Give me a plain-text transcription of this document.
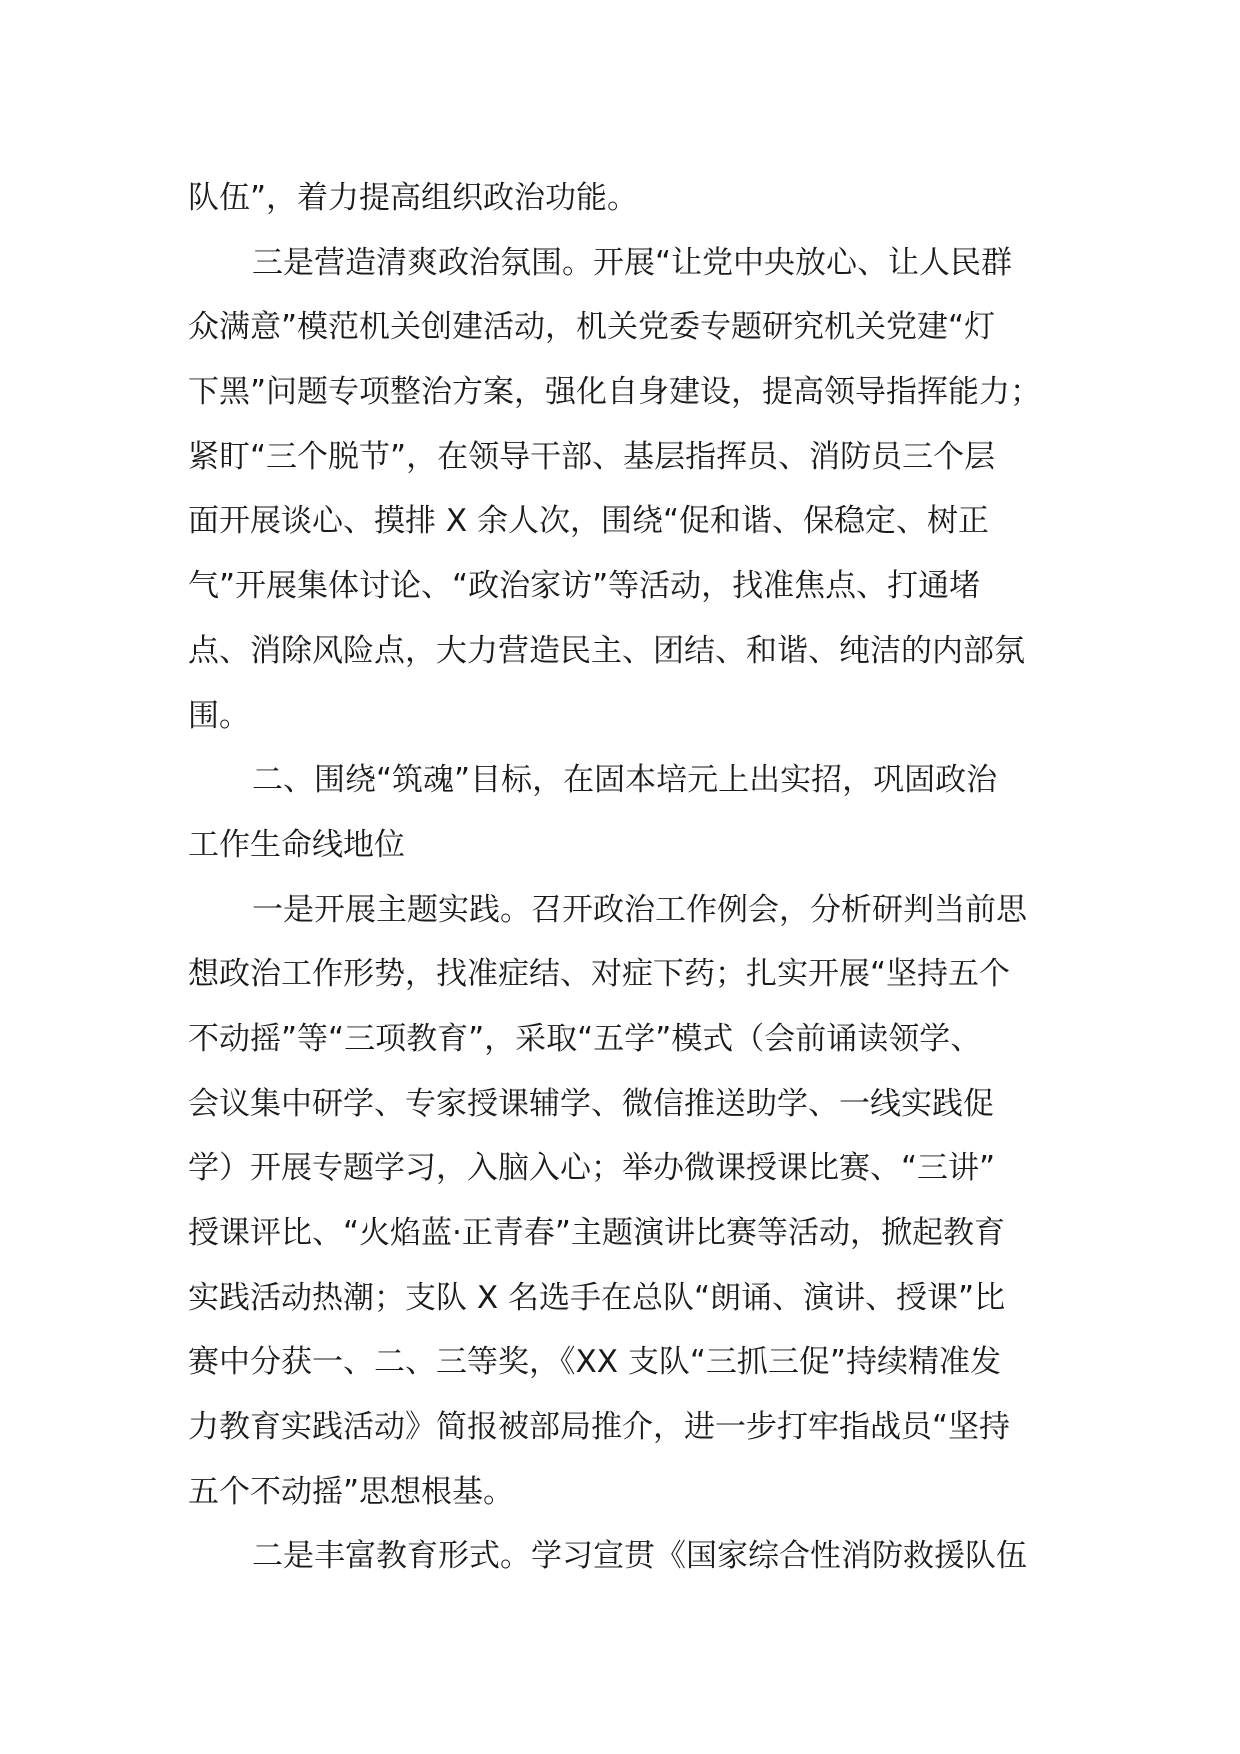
队伍”，着力提高组织政治功能。
三是营造清爽政治氛围。开展“让党中央放心、让人民群
众满意”模范机关创建活动，机关党委专题研究机关党建“灯
下黑”问题专项整治方案，强化自身建设，提高领导指挥能力；
紧盯“三个脱节”，在领导干部、基层指挥员、消防员三个层
面开展谈心、摸排 X 余人次，围绕“促和谐、保稳定、树正
气”开展集体讨论、“政治家访”等活动，找准焦点、打通堵
点、消除风险点，大力营造民主、团结、和谐、纯洁的内部氛
围。
二、围绕“筑魂”目标，在固本培元上出实招，巩固政治
工作生命线地位
一是开展主题实践。召开政治工作例会，分析研判当前思
想政治工作形势，找准症结、对症下药；扎实开展“坚持五个
不动摇”等“三项教育”，采取“五学”模式（会前诵读领学、
会议集中研学、专家授课辅学、微信推送助学、一线实践促
学）开展专题学习，入脑入心；举办微课授课比赛、“三讲”
授课评比、“火焰蓝·正青春”主题演讲比赛等活动，掀起教育
实践活动热潮；支队 X 名选手在总队“朗诵、演讲、授课”比
赛中分获一、二、三等奖，《XX 支队“三抓三促”持续精准发
力教育实践活动》简报被部局推介，进一步打牢指战员“坚持
五个不动摇”思想根基。
二是丰富教育形式。学习宣贯《国家综合性消防救援队伍
